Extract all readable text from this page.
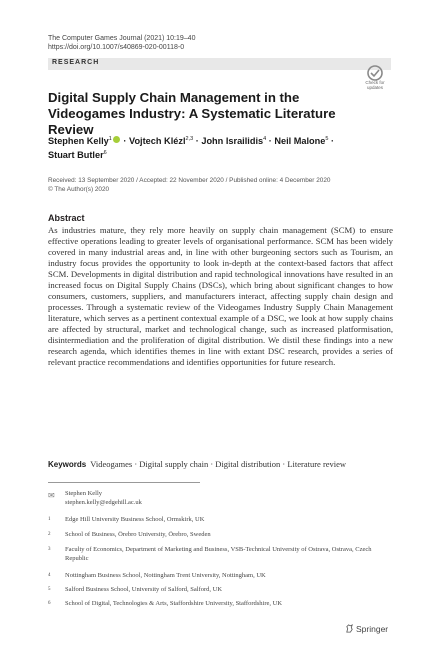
The Computer Games Journal (2021) 10:19–40
https://doi.org/10.1007/s40869-020-00118-0
RESEARCH
Check for
updates
Digital Supply Chain Management in the Videogames Industry: A Systematic Literature Review
Stephen Kelly$^1$ · Vojtech Klézl$^{2,3}$ · John Israilidis$^4$ · Neil Malone$^5$ ·
Stuart Butler$^6$
Received: 13 September 2020 / Accepted: 22 November 2020 / Published online: 4 December 2020
© The Author(s) 2020
Abstract
As industries mature, they rely more heavily on supply chain management (SCM) to ensure effective operations leading to greater levels of organisational performance. SCM has been widely covered in many industrial areas and, in line with other burgeoning sectors such as Tourism, an industry focus provides the opportunity to look in-depth at the context-based factors that affect SCM. Developments in digital distribution and rapid technological innovations have resulted in an increased focus on Digital Supply Chains (DSCs), which bring about significant changes to how consumers, customers, suppliers, and manufacturers interact, affecting supply chain design and processes. Through a systematic review of the Videogames Industry Supply Chain Management literature, which serves as a pertinent contextual example of a DSC, we look at how supply chains are affected by structural, market and technological change, such as increased platformisation, disintermediation and the proliferation of digital distribution. We distil these findings into a new research agenda, which identifies themes in line with extant DSC research, provides a series of relevant practice recommendations and identifies opportunities for future research.
Keywords Videogames · Digital supply chain · Digital distribution · Literature review
✉ Stephen Kelly
stephen.kelly@edgehill.ac.uk
1 Edge Hill University Business School, Ormskirk, UK
2 School of Business, Örebro University, Örebro, Sweden
3 Faculty of Economics, Department of Marketing and Business, VSB-Technical University of Ostrava, Ostrava, Czech Republic
4 Nottingham Business School, Nottingham Trent University, Nottingham, UK
5 Salford Business School, University of Salford, Salford, UK
6 School of Digital, Technologies & Arts, Staffordshire University, Staffordshire, UK
Springer
